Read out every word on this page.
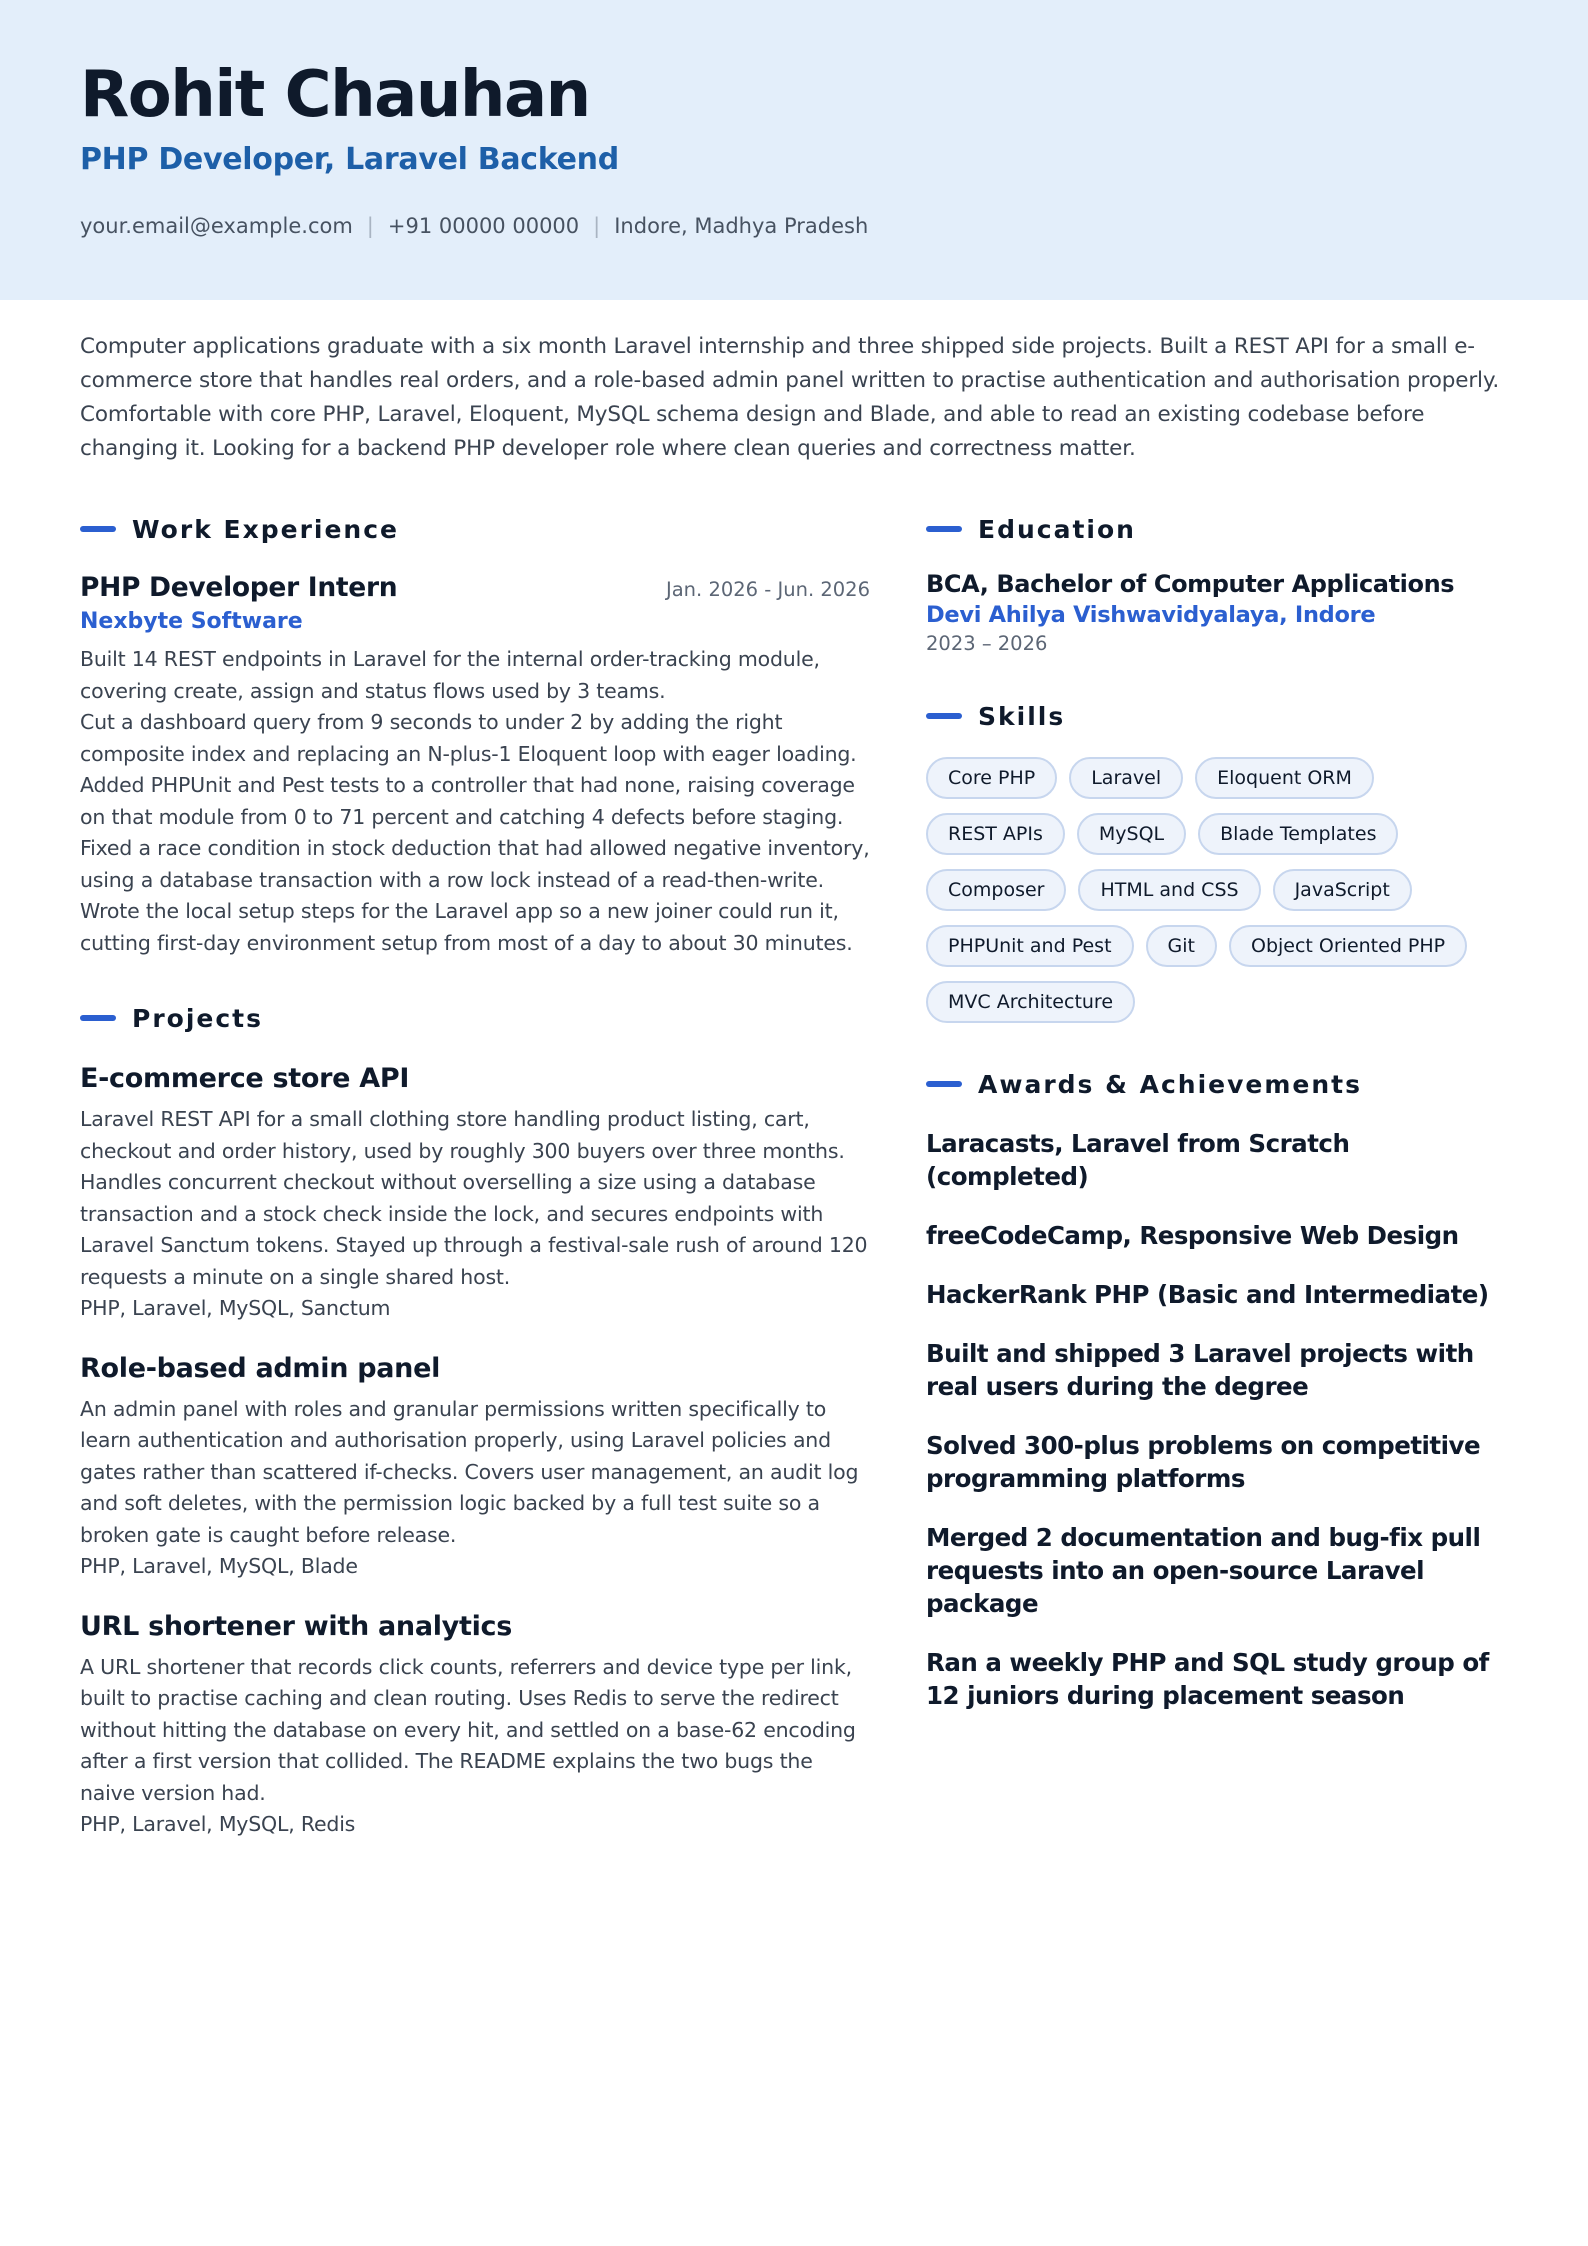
Rohit Chauhan
PHP Developer, Laravel Backend
your.email@example.com | +91 00000 00000 | Indore, Madhya Pradesh
Computer applications graduate with a six month Laravel internship and three shipped side projects. Built a REST API for a small e-commerce store that handles real orders, and a role-based admin panel written to practise authentication and authorisation properly. Comfortable with core PHP, Laravel, Eloquent, MySQL schema design and Blade, and able to read an existing codebase before changing it. Looking for a backend PHP developer role where clean queries and correctness matter.
Work Experience
PHP Developer Intern	Jan. 2026 - Jun. 2026
Nexbyte Software
Built 14 REST endpoints in Laravel for the internal order-tracking module, covering create, assign and status flows used by 3 teams.
Cut a dashboard query from 9 seconds to under 2 by adding the right composite index and replacing an N-plus-1 Eloquent loop with eager loading.
Added PHPUnit and Pest tests to a controller that had none, raising coverage on that module from 0 to 71 percent and catching 4 defects before staging.
Fixed a race condition in stock deduction that had allowed negative inventory, using a database transaction with a row lock instead of a read-then-write.
Wrote the local setup steps for the Laravel app so a new joiner could run it, cutting first-day environment setup from most of a day to about 30 minutes.
Projects
E-commerce store API
Laravel REST API for a small clothing store handling product listing, cart, checkout and order history, used by roughly 300 buyers over three months. Handles concurrent checkout without overselling a size using a database transaction and a stock check inside the lock, and secures endpoints with Laravel Sanctum tokens. Stayed up through a festival-sale rush of around 120 requests a minute on a single shared host.
PHP, Laravel, MySQL, Sanctum
Role-based admin panel
An admin panel with roles and granular permissions written specifically to learn authentication and authorisation properly, using Laravel policies and gates rather than scattered if-checks. Covers user management, an audit log and soft deletes, with the permission logic backed by a full test suite so a broken gate is caught before release.
PHP, Laravel, MySQL, Blade
URL shortener with analytics
A URL shortener that records click counts, referrers and device type per link, built to practise caching and clean routing. Uses Redis to serve the redirect without hitting the database on every hit, and settled on a base-62 encoding after a first version that collided. The README explains the two bugs the naive version had.
PHP, Laravel, MySQL, Redis
Education
BCA, Bachelor of Computer Applications
Devi Ahilya Vishwavidyalaya, Indore
2023 – 2026
Skills
Core PHP	Laravel	Eloquent ORM
REST APIs	MySQL	Blade Templates
Composer	HTML and CSS	JavaScript
PHPUnit and Pest	Git	Object Oriented PHP
MVC Architecture
Awards & Achievements
Laracasts, Laravel from Scratch (completed)
freeCodeCamp, Responsive Web Design
HackerRank PHP (Basic and Intermediate)
Built and shipped 3 Laravel projects with real users during the degree
Solved 300-plus problems on competitive programming platforms
Merged 2 documentation and bug-fix pull requests into an open-source Laravel package
Ran a weekly PHP and SQL study group of 12 juniors during placement season
